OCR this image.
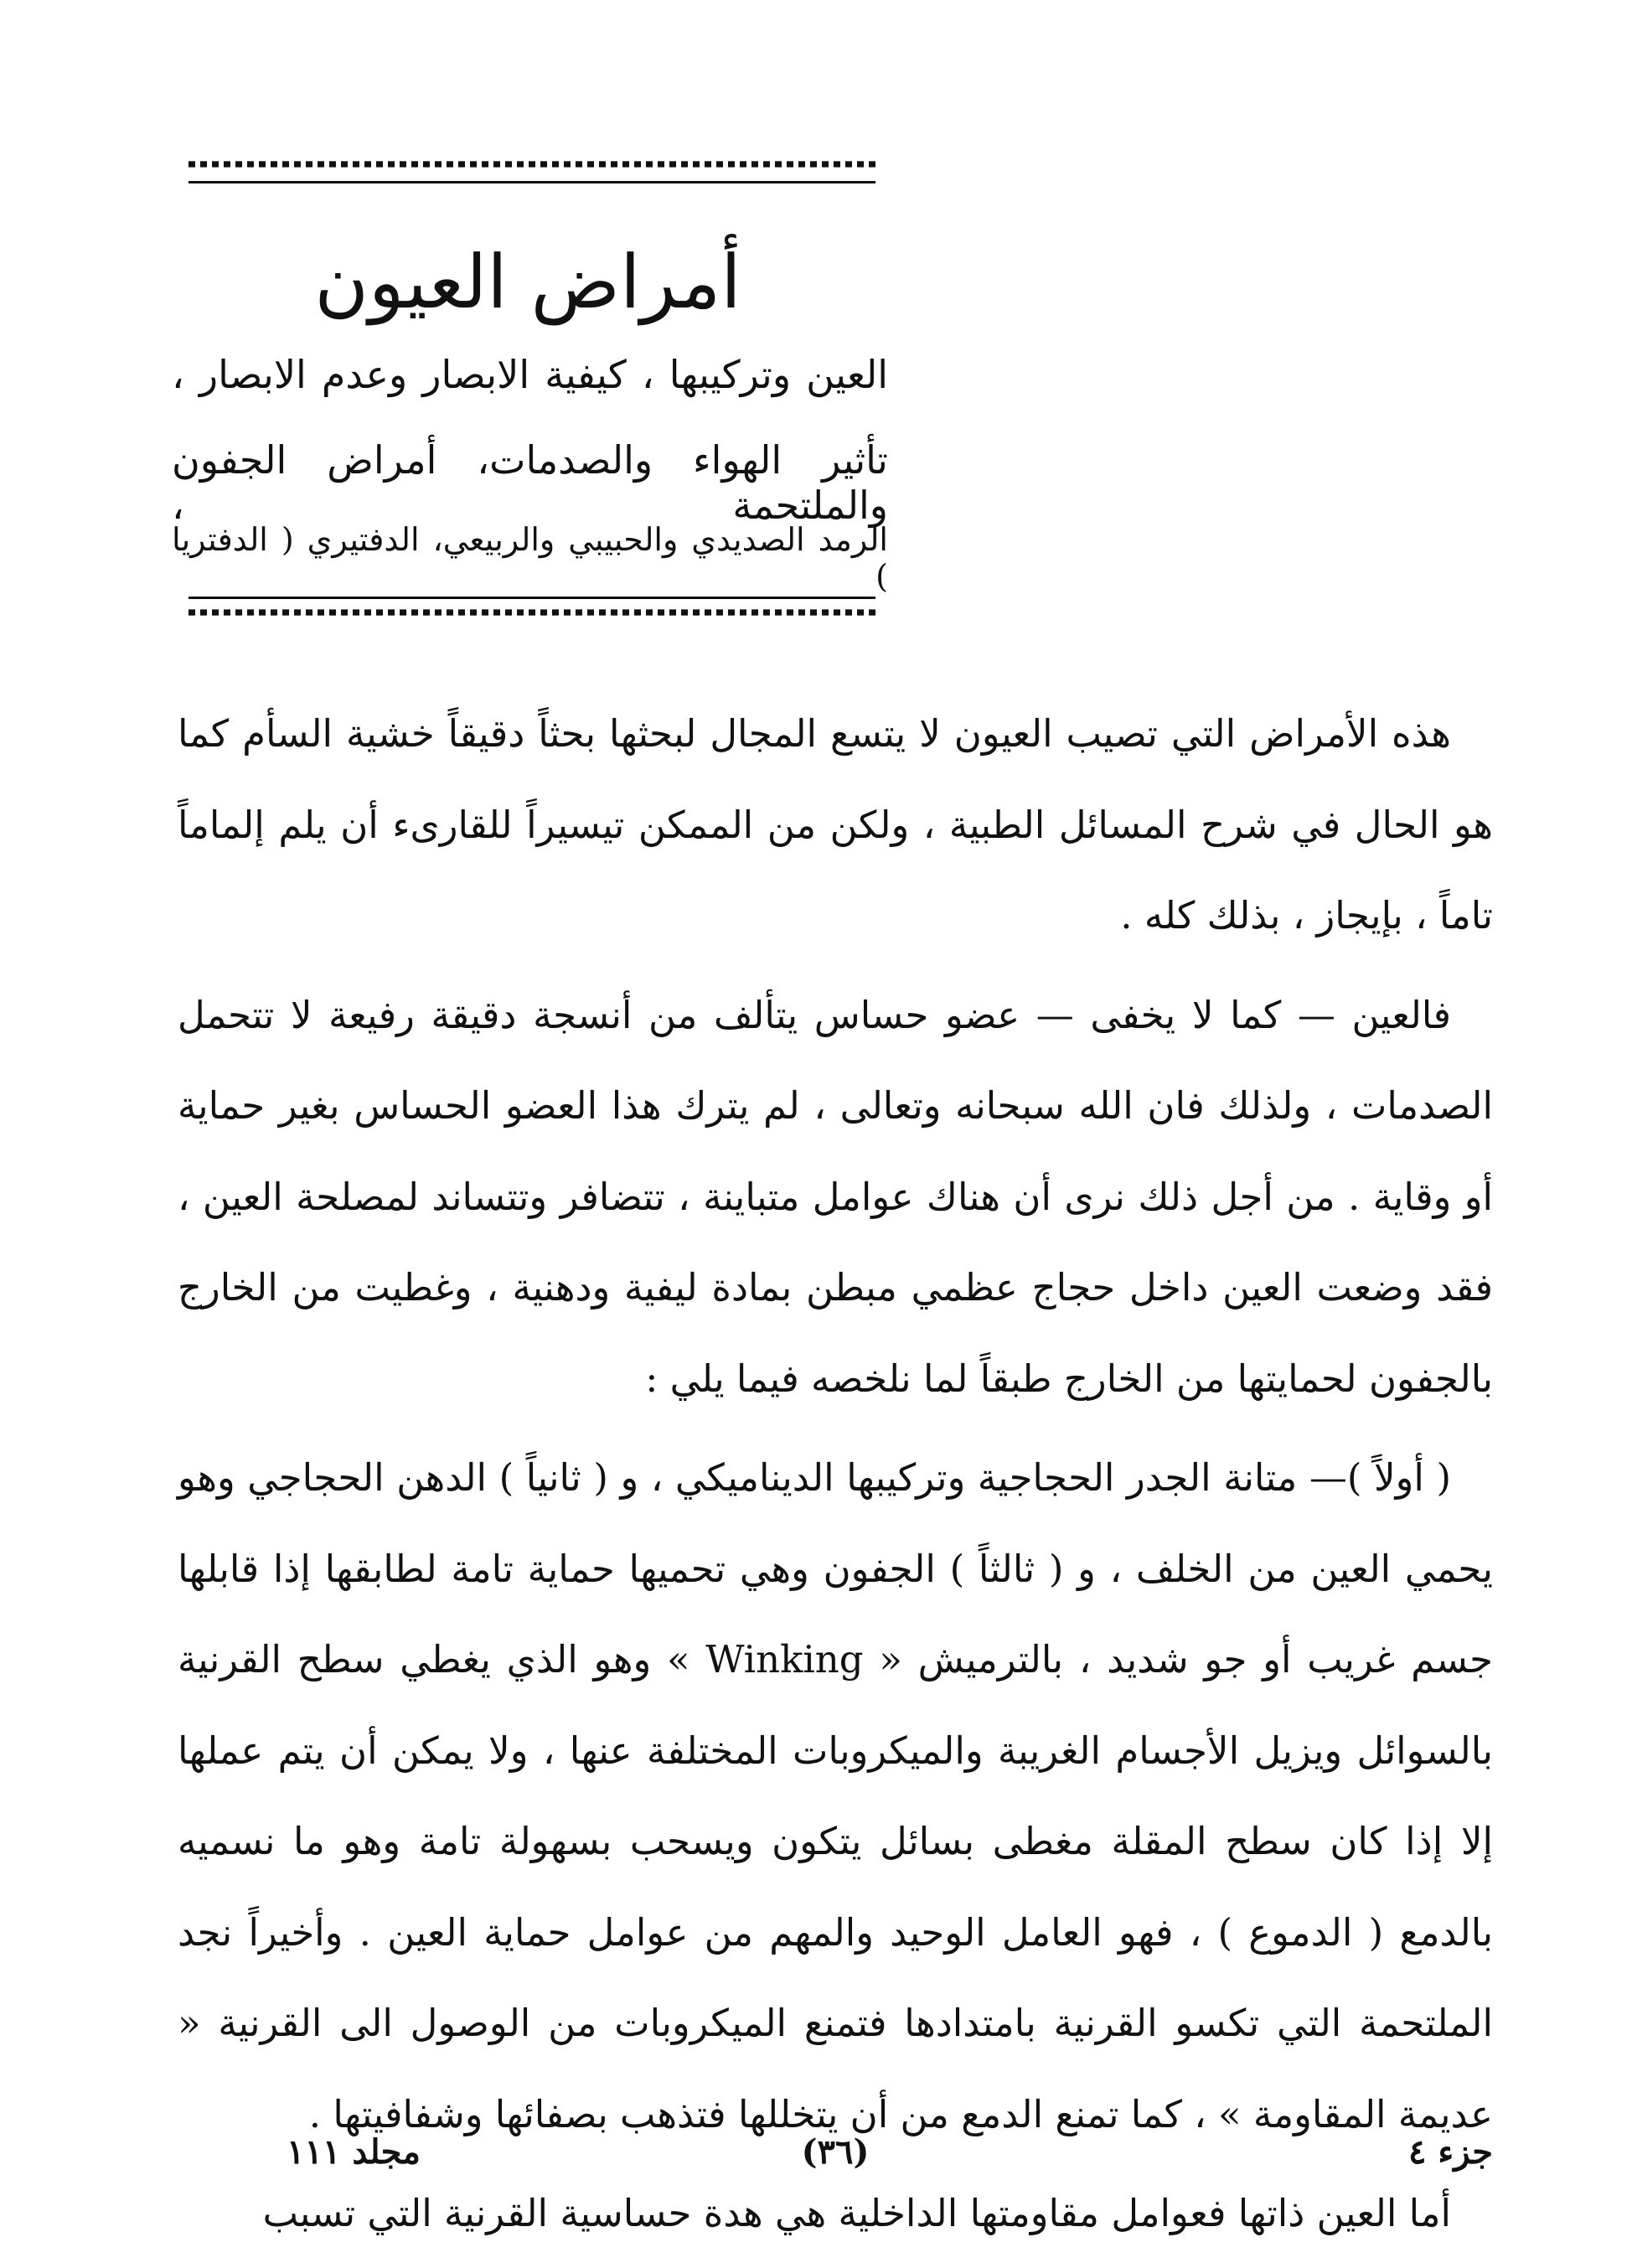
أمراض العيون
العين وتركيبها ، كيفية الابصار وعدم الابصار ،
تأثير الهواء والصدمات، أمراض الجفون والملتحمة ،
الرمد الصديدي والحبيبي والربيعي، الدفتيري ( الدفتريا )

هذه الأمراض التي تصيب العيون لا يتسع المجال لبحثها بحثاً دقيقاً خشية السأم كما هو الحال في شرح المسائل الطبية ، ولكن من الممكن تيسيراً للقارىء أن يلم إلماماً تاماً ، بإيجاز ، بذلك كله .

فالعين — كما لا يخفى — عضو حساس يتألف من أنسجة دقيقة رفيعة لا تتحمل الصدمات ، ولذلك فان الله سبحانه وتعالى ، لم يترك هذا العضو الحساس بغير حماية أو وقاية . من أجل ذلك نرى أن هناك عوامل متباينة ، تتضافر وتتساند لمصلحة العين ، فقد وضعت العين داخل حجاج عظمي مبطن بمادة ليفية ودهنية ، وغطيت من الخارج بالجفون لحمايتها من الخارج طبقاً لما نلخصه فيما يلي :

( أولاً )— متانة الجدر الحجاجية وتركيبها الديناميكي ، و ( ثانياً ) الدهن الحجاجي وهو يحمي العين من الخلف ، و ( ثالثاً ) الجفون وهي تحميها حماية تامة لطابقها إذا قابلها جسم غريب أو جو شديد ، بالترميش « Winking » وهو الذي يغطي سطح القرنية بالسوائل ويزيل الأجسام الغريبة والميكروبات المختلفة عنها ، ولا يمكن أن يتم عملها إلا إذا كان سطح المقلة مغطى بسائل يتكون ويسحب بسهولة تامة وهو ما نسميه بالدمع ( الدموع ) ، فهو العامل الوحيد والمهم من عوامل حماية العين . وأخيراً نجد الملتحمة التي تكسو القرنية بامتدادها فتمنع الميكروبات من الوصول الى القرنية « عديمة المقاومة » ، كما تمنع الدمع من أن يتخللها فتذهب بصفائها وشفافيتها .

أما العين ذاتها فعوامل مقاومتها الداخلية هي هدة حساسية القرنية التي تسبب

جزء ٤
(٣٦)
مجلد ١١١
